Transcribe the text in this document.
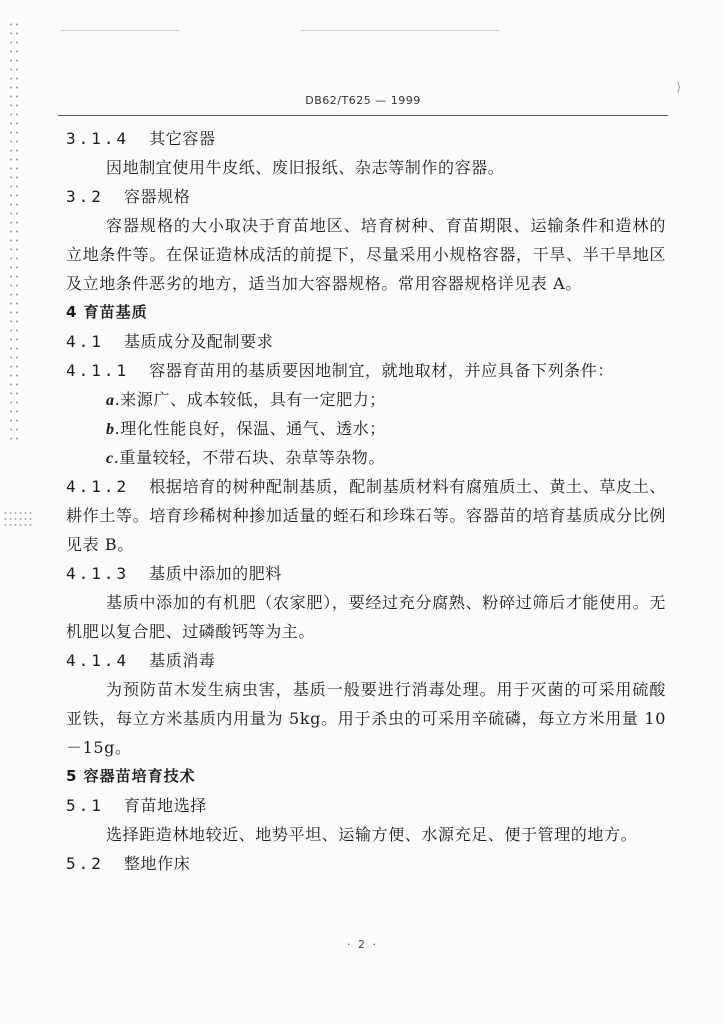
⟩
DB62/T625 — 1999
3.1.4 其它容器

因地制宜使用牛皮纸、废旧报纸、杂志等制作的容器。

3.2 容器规格

容器规格的大小取决于育苗地区、培育树种、育苗期限、运输条件和造林的立地条件等。在保证造林成活的前提下，尽量采用小规格容器，干旱、半干旱地区及立地条件恶劣的地方，适当加大容器规格。常用容器规格详见表 A。

4 育苗基质
4.1 基质成分及配制要求
4.1.1 容器育苗用的基质要因地制宜，就地取材，并应具备下列条件：
a.来源广、成本较低，具有一定肥力；
b.理化性能良好，保温、通气、透水；
c.重量较轻，不带石块、杂草等杂物。

4.1.2 根据培育的树种配制基质，配制基质材料有腐殖质土、黄土、草皮土、耕作土等。培育珍稀树种掺加适量的蛭石和珍珠石等。容器苗的培育基质成分比例见表 B。

4.1.3 基质中添加的肥料

基质中添加的有机肥（农家肥），要经过充分腐熟、粉碎过筛后才能使用。无机肥以复合肥、过磷酸钙等为主。

4.1.4 基质消毒

为预防苗木发生病虫害，基质一般要进行消毒处理。用于灭菌的可采用硫酸亚铁，每立方米基质内用量为 5kg。用于杀虫的可采用辛硫磷，每立方米用量 10－15g。

5 容器苗培育技术
5.1 育苗地选择

选择距造林地较近、地势平坦、运输方便、水源充足、便于管理的地方。

5.2 整地作床
· 2 ·
